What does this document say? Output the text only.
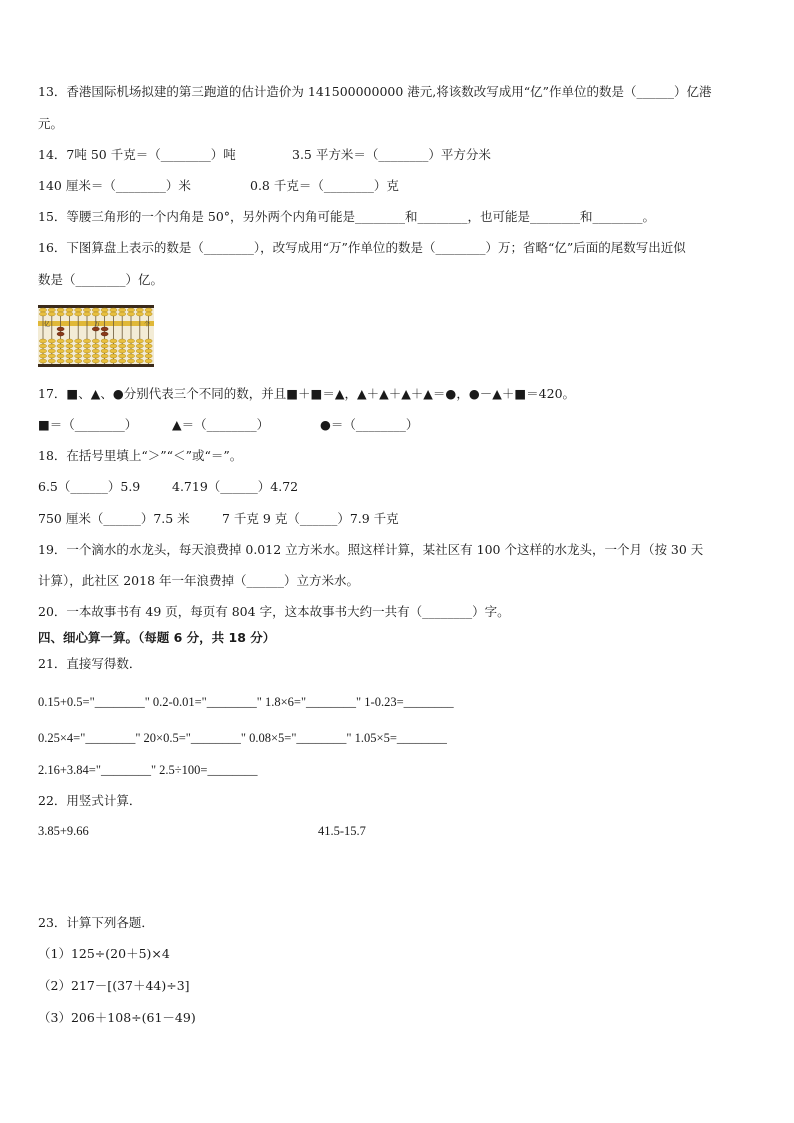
13．香港国际机场拟建的第三跑道的估计造价为 141500000000 港元,将该数改写成用“亿”作单位的数是（______）亿港
元。
14．7吨 50 千克＝（________）吨	3.5 平方米＝（________）平方分米
140 厘米＝（________）米	0.8 千克＝（________）克
15．等腰三角形的一个内角是 50°，另外两个内角可能是________和________，也可能是________和________。
16．下图算盘上表示的数是（________），改写成用“万”作单位的数是（________）万；省略“亿”后面的尾数写出近似
数是（________）亿。
亿	万	个
17．■、▲、●分别代表三个不同的数，并且■＋■＝▲，▲＋▲＋▲＋▲＝●，●－▲＋■＝420。
■＝（________）	▲＝（________）	●＝（________）
18．在括号里填上“＞”“＜”或“＝”。
6.5（______）5.9	4.719（______）4.72
750 厘米（______）7.5 米	7 千克 9 克（______）7.9 千克
19．一个滴水的水龙头，每天浪费掉 0.012 立方米水。照这样计算，某社区有 100 个这样的水龙头，一个月（按 30 天
计算），此社区 2018 年一年浪费掉（______）立方米水。
20．一本故事书有 49 页，每页有 804 字，这本故事书大约一共有（________）字。
四、细心算一算。（每题 6 分，共 18 分）
21．直接写得数．
0.15+0.5="________" 0.2-0.01="________" 1.8×6="________" 1-0.23=________
0.25×4="________" 20×0.5="________" 0.08×5="________" 1.05×5=________
2.16+3.84="________" 2.5÷100=________
22．用竖式计算．
3.85+9.66	41.5-15.7
23．计算下列各题．
（1）125÷(20＋5)×4
（2）217－[(37＋44)÷3]
（3）206＋108÷(61－49)
